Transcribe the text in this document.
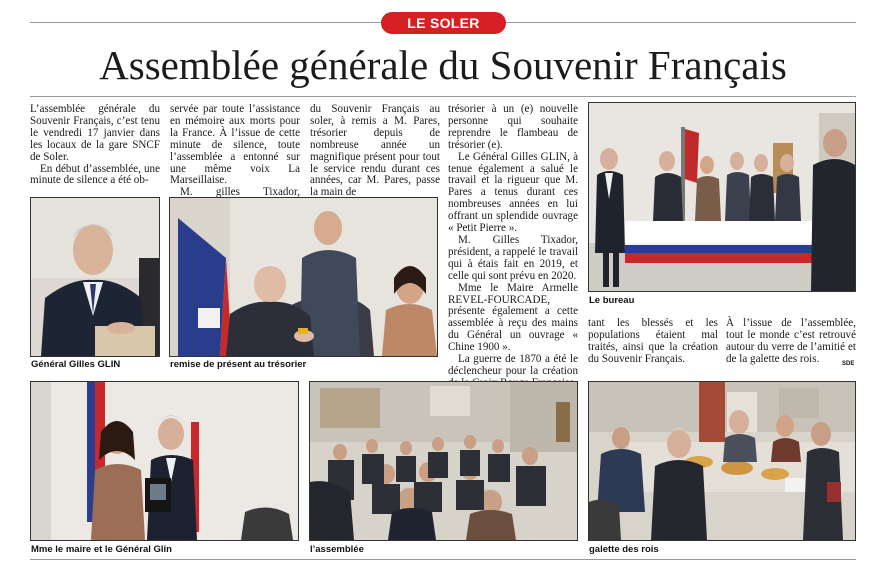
LE SOLER
Assemblée générale du Souvenir Français

L’assemblée générale du Souvenir Français, c’est tenu le vendredi 17 janvier dans les locaux de la gare SNCF de Soler.

En début d’assemblée, une minute de silence a été ob-

servée par toute l’assistance en mémoire aux morts pour la France. À l’issue de cette minute de silence, toute l’assemblée a entonné sur une même voix La Marseillaise.

M. gilles Tixador,

du Souvenir Français au soler, à remis a M. Pares, trésorier depuis de nombreuse année un magnifique présent pour tout le service rendu durant ces années, car M. Pares, passe la main de

trésorier à un (e) nouvelle personne qui souhaite reprendre le flambeau de trésorier (e).

Le Général Gilles GLIN, à tenue également a salué le travail et la rigueur que M. Pares a tenus durant ces nombreuses années en lui offrant un splendide ouvrage « Petit Pierre ».

M. Gilles Tixador, président, a rappelé le travail qui à étais fait en 2019, et celle qui sont prévu en 2020.

Mme le Maire Armelle REVEL-FOURCADE, présente également a cette assemblée à reçu des mains du Général un ouvrage « Chine 1900 ».

La guerre de 1870 a été le déclencheur pour la création

tant les blessés et les populations étaient mal traités, ainsi que la création du Souvenir Français.

À l’issue de l’assemblée, tout le monde c’est retrouvé autour du verre de l’amitié et de la galette des rois.	SDE
Général Gilles GLIN	remise de présent au trésorier
Le bureau
Mme le maire et le Général Glin	l’assemblée	galette des rois
